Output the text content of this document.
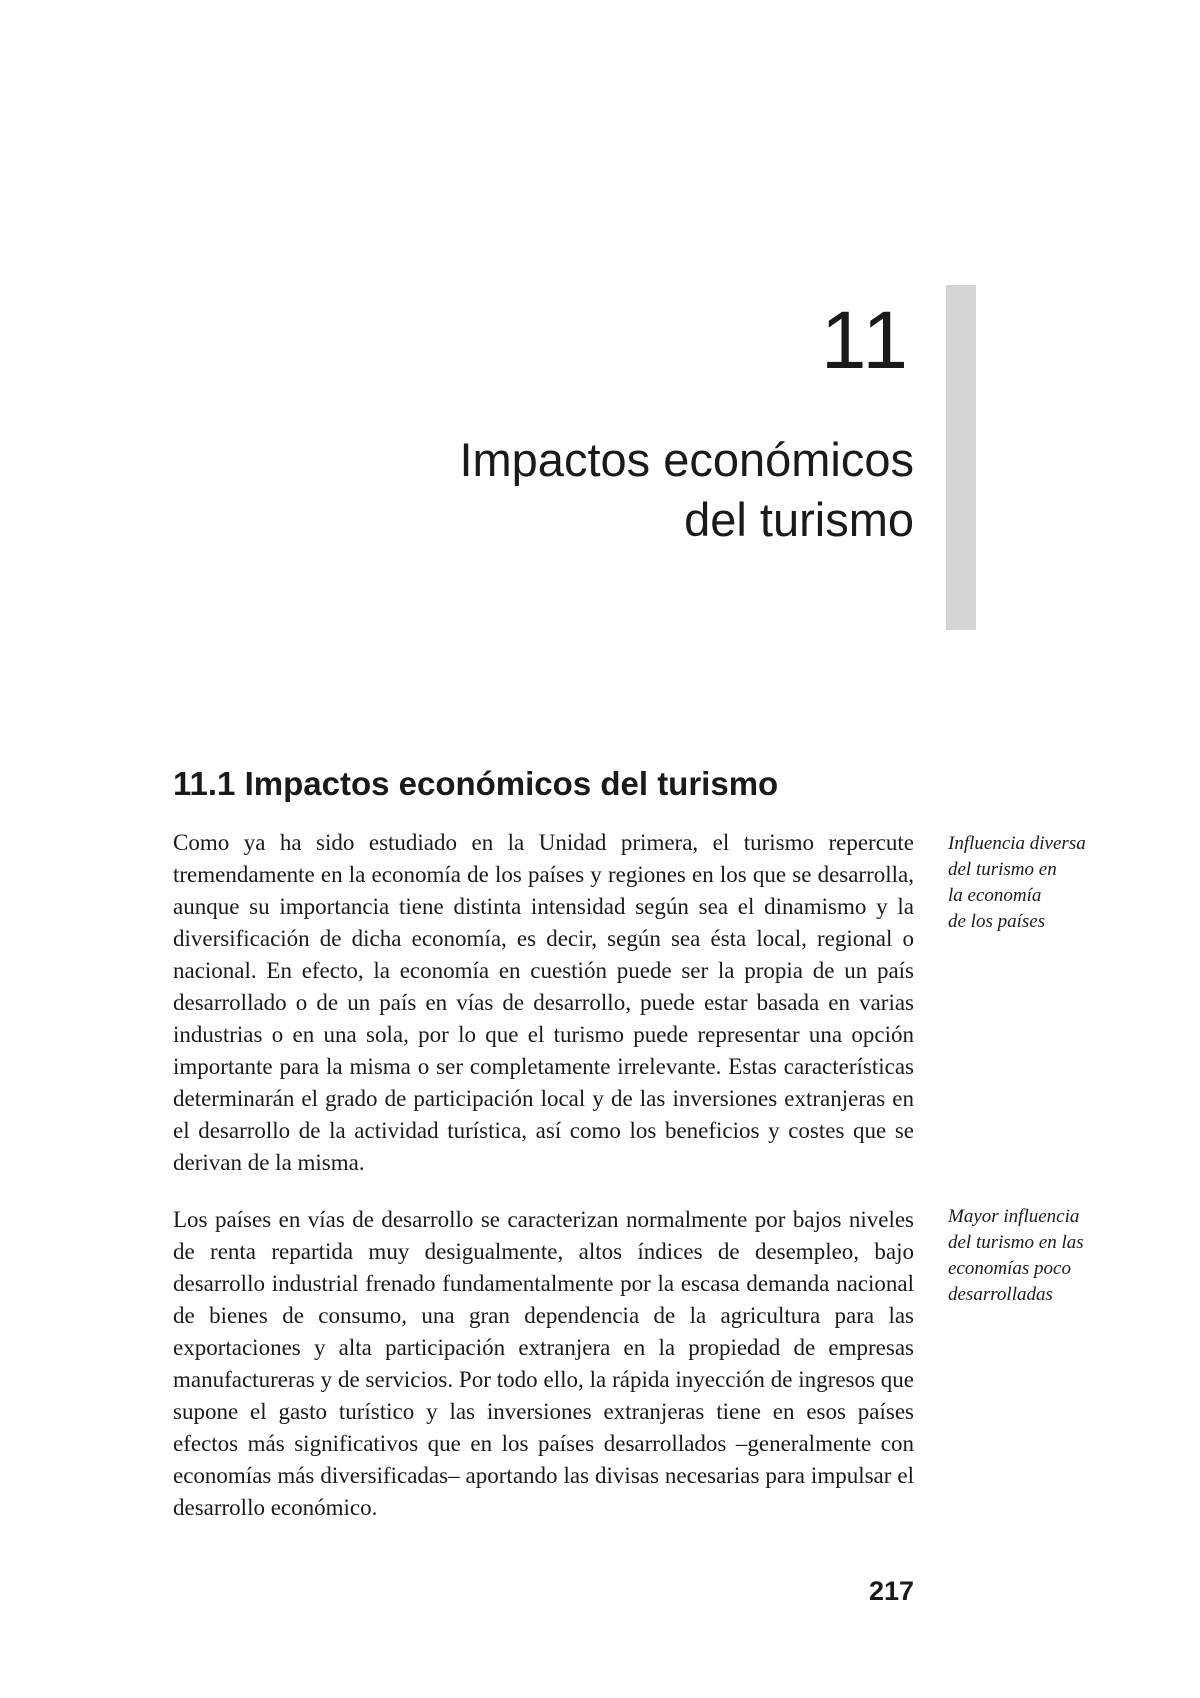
11
Impactos económicos
del turismo
11.1 Impactos económicos del turismo

Como ya ha sido estudiado en la Unidad primera, el turismo repercute tremendamente en la economía de los países y regiones en los que se desarrolla, aunque su importancia tiene distinta intensidad según sea el dinamismo y la diversificación de dicha economía, es decir, según sea ésta local, regional o nacional. En efecto, la economía en cuestión puede ser la propia de un país desarrollado o de un país en vías de desarrollo, puede estar basada en varias industrias o en una sola, por lo que el turismo puede representar una opción importante para la misma o ser completamente irrelevante. Estas características determinarán el grado de participación local y de las inversiones extranjeras en el desarrollo de la actividad turística, así como los beneficios y costes que se derivan de la misma.

Los países en vías de desarrollo se caracterizan normalmente por bajos niveles de renta repartida muy desigualmente, altos índices de desempleo, bajo desarrollo industrial frenado fundamentalmente por la escasa demanda nacional de bienes de consumo, una gran dependencia de la agricultura para las exportaciones y alta participación extranjera en la propiedad de empresas manufactureras y de servicios. Por todo ello, la rápida inyección de ingresos que supone el gasto turístico y las inversiones extranjeras tiene en esos países efectos más significativos que en los países desarrollados –generalmente con economías más diversificadas– aportando las divisas necesarias para impulsar el desarrollo económico.

Influencia diversa
del turismo en
la economía
de los países
Mayor influencia
del turismo en las
economías poco
desarrolladas
217
